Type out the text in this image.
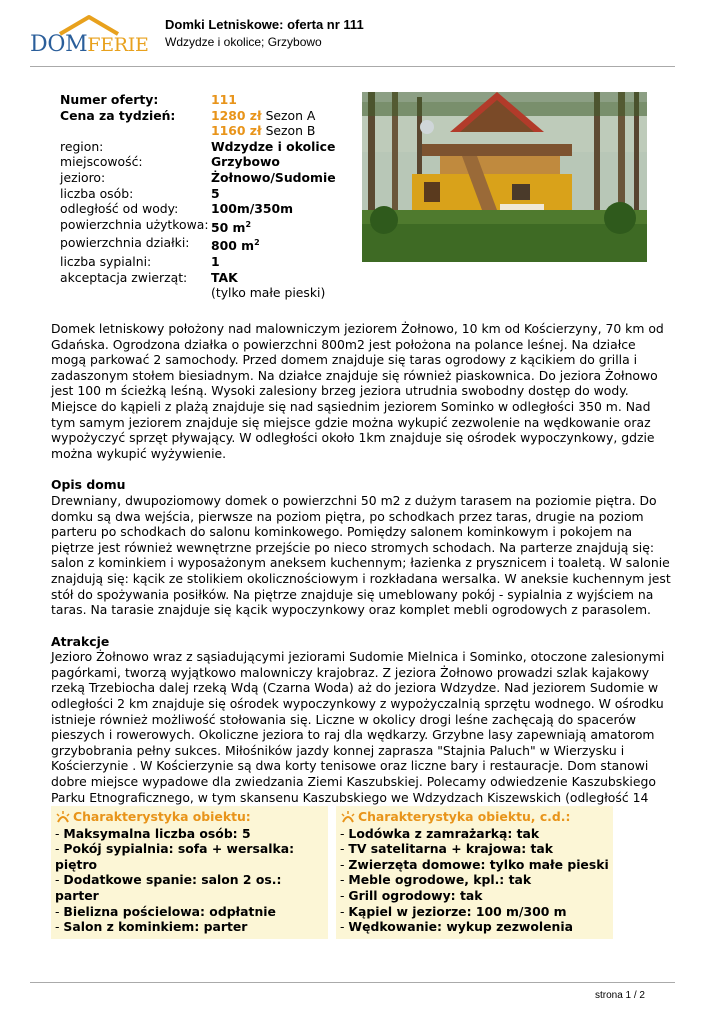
DOMFERIE
Domki Letniskowe: oferta nr 111
Wdzydze i okolice; Grzybowo
Numer oferty:	111
Cena za tydzień:	1280 zł Sezon A
1160 zł Sezon B
region:	Wdzydze i okolice
miejscowość:	Grzybowo
jezioro:	Żołnowo/Sudomie
liczba osób:	5
odległość od wody:	100m/350m
powierzchnia użytkowa: 50 $m^2$
powierzchnia działki:	800 $m^2$
liczba sypialni:	1
akceptacja zwierząt:	TAK
(tylko małe pieski)

Domek letniskowy położony nad malowniczym jeziorem Żołnowo, 10 km od Kościerzyny, 70 km od Gdańska. Ogrodzona działka o powierzchni 800m2 jest położona na polance leśnej. Na działce mogą parkować 2 samochody. Przed domem znajduje się taras ogrodowy z kącikiem do grilla i zadaszonym stołem biesiadnym. Na działce znajduje się również piaskownica. Do jeziora Żołnowo jest 100 m ścieżką leśną. Wysoki zalesiony brzeg jeziora utrudnia swobodny dostęp do wody. Miejsce do kąpieli z plażą znajduje się nad sąsiednim jeziorem Sominko w odległości 350 m. Nad tym samym jeziorem znajduje się miejsce gdzie można wykupić zezwolenie na wędkowanie oraz wypożyczyć sprzęt pływający. W odległości około 1km znajduje się ośrodek wypoczynkowy, gdzie można wykupić wyżywienie.

Opis domu

Drewniany, dwupoziomowy domek o powierzchni 50 m2 z dużym tarasem na poziomie piętra. Do domku są dwa wejścia, pierwsze na poziom piętra, po schodkach przez taras, drugie na poziom parteru po schodkach do salonu kominkowego. Pomiędzy salonem kominkowym i pokojem na piętrze jest również wewnętrzne przejście po nieco stromych schodach. Na parterze znajdują się: salon z kominkiem i wyposażonym aneksem kuchennym; łazienka z prysznicem i toaletą. W salonie znajdują się: kącik ze stolikiem okolicznościowym i rozkładana wersalka. W aneksie kuchennym jest stół do spożywania posiłków. Na piętrze znajduje się umeblowany pokój - sypialnia z wyjściem na taras. Na tarasie znajduje się kącik wypoczynkowy oraz komplet mebli ogrodowych z parasolem.

Atrakcje

Jezioro Żołnowo wraz z sąsiadującymi jeziorami Sudomie Mielnica i Sominko, otoczone zalesionymi pagórkami, tworzą wyjątkowo malowniczy krajobraz. Z jeziora Żołnowo prowadzi szlak kajakowy rzeką Trzebiocha dalej rzeką Wdą (Czarna Woda) aż do jeziora Wdzydze. Nad jeziorem Sudomie w odległości 2 km znajduje się ośrodek wypoczynkowy z wypożyczalnią sprzętu wodnego. W ośrodku istnieje również możliwość stołowania się. Liczne w okolicy drogi leśne zachęcają do spacerów pieszych i rowerowych. Okoliczne jeziora to raj dla wędkarzy. Grzybne lasy zapewniają amatorom grzybobrania pełny sukces. Miłośników jazdy konnej zaprasza "Stajnia Paluch" w Wierzysku i Kościerzynie . W Kościerzynie są dwa korty tenisowe oraz liczne bary i restauracje. Dom stanowi dobre miejsce wypadowe dla zwiedzania Ziemi Kaszubskiej. Polecamy odwiedzenie Kaszubskiego Parku Etnograficznego, w tym skansenu Kaszubskiego we Wdzydzach Kiszewskich (odległość 14

Charakterystyka obiektu:
- Maksymalna liczba osób: 5
- Pokój sypialnia: sofa + wersalka: piętro
- Dodatkowe spanie: salon 2 os.: parter
- Bielizna pościelowa: odpłatnie
- Salon z kominkiem: parter
Charakterystyka obiektu, c.d.:
- Lodówka z zamrażarką: tak
- TV satelitarna + krajowa: tak
- Zwierzęta domowe: tylko małe pieski
- Meble ogrodowe, kpl.: tak
- Grill ogrodowy: tak
- Kąpiel w jeziorze: 100 m/300 m
- Wędkowanie: wykup zezwolenia
strona 1 / 2
